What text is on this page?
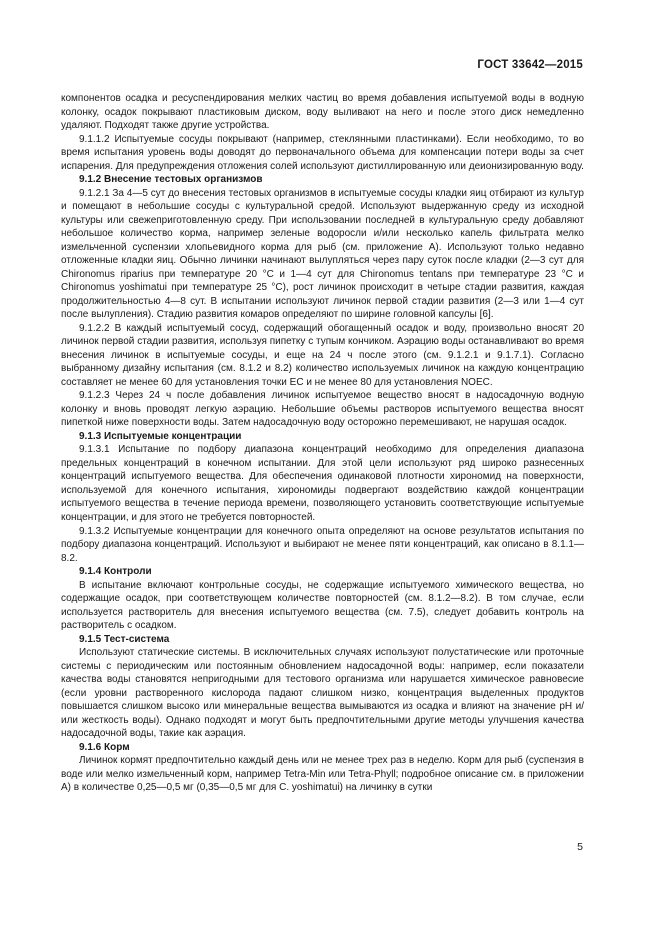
ГОСТ 33642—2015

компонентов осадка и ресуспендирования мелких частиц во время добавления испытуемой воды в водную колонку, осадок покрывают пластиковым диском, воду выливают на него и после этого диск немедленно удаляют. Подходят также другие устройства.

9.1.1.2 Испытуемые сосуды покрывают (например, стеклянными пластинками). Если необходимо, то во время испытания уровень воды доводят до первоначального объема для компенсации потери воды за счет испарения. Для предупреждения отложения солей используют дистиллированную или деионизированную воду.

9.1.2 Внесение тестовых организмов

9.1.2.1 За 4—5 сут до внесения тестовых организмов в испытуемые сосуды кладки яиц отбирают из культур и помещают в небольшие сосуды с культуральной средой. Используют выдержанную среду из исходной культуры или свежеприготовленную среду. При использовании последней в культуральную среду добавляют небольшое количество корма, например зеленые водоросли и/или несколько капель фильтрата мелко измельченной суспензии хлопьевидного корма для рыб (см. приложение А). Используют только недавно отложенные кладки яиц. Обычно личинки начинают вылупляться через пару суток после кладки (2—3 сут для Chironomus riparius при температуре 20 °C и 1—4 сут для Chironomus tentans при температуре 23 °C и Chironomus yoshimatui при температуре 25 °C), рост личинок происходит в четыре стадии развития, каждая продолжительностью 4—8 сут. В испытании используют личинок первой стадии развития (2—3 или 1—4 сут после вылупления). Стадию развития комаров определяют по ширине головной капсулы [6].

9.1.2.2 В каждый испытуемый сосуд, содержащий обогащенный осадок и воду, произвольно вносят 20 личинок первой стадии развития, используя пипетку с тупым кончиком. Аэрацию воды останавливают во время внесения личинок в испытуемые сосуды, и еще на 24 ч после этого (см. 9.1.2.1 и 9.1.7.1). Согласно выбранному дизайну испытания (см. 8.1.2 и 8.2) количество используемых личинок на каждую концентрацию составляет не менее 60 для установления точки EC и не менее 80 для установления NOEC.

9.1.2.3 Через 24 ч после добавления личинок испытуемое вещество вносят в надосадочную водную колонку и вновь проводят легкую аэрацию. Небольшие объемы растворов испытуемого вещества вносят пипеткой ниже поверхности воды. Затем надосадочную воду осторожно перемешивают, не нарушая осадок.

9.1.3 Испытуемые концентрации

9.1.3.1 Испытание по подбору диапазона концентраций необходимо для определения диапазона предельных концентраций в конечном испытании. Для этой цели используют ряд широко разнесенных концентраций испытуемого вещества. Для обеспечения одинаковой плотности хирономид на поверхности, используемой для конечного испытания, хирономиды подвергают воздействию каждой концентрации испытуемого вещества в течение периода времени, позволяющего установить соответствующие испытуемые концентрации, и для этого не требуется повторностей.

9.1.3.2 Испытуемые концентрации для конечного опыта определяют на основе результатов испытания по подбору диапазона концентраций. Используют и выбирают не менее пяти концентраций, как описано в 8.1.1—8.2.

9.1.4 Контроли

В испытание включают контрольные сосуды, не содержащие испытуемого химического вещества, но содержащие осадок, при соответствующем количестве повторностей (см. 8.1.2—8.2). В том случае, если используется растворитель для внесения испытуемого вещества (см. 7.5), следует добавить контроль на растворитель с осадком.

9.1.5 Тест-система

Используют статические системы. В исключительных случаях используют полустатические или проточные системы с периодическим или постоянным обновлением надосадочной воды: например, если показатели качества воды становятся непригодными для тестового организма или нарушается химическое равновесие (если уровни растворенного кислорода падают слишком низко, концентрация выделенных продуктов повышается слишком высоко или минеральные вещества вымываются из осадка и влияют на значение pH и/или жесткость воды). Однако подходят и могут быть предпочтительными другие методы улучшения качества надосадочной воды, такие как аэрация.

9.1.6 Корм

Личинок кормят предпочтительно каждый день или не менее трех раз в неделю. Корм для рыб (суспензия в воде или мелко измельченный корм, например Tetra-Min или Tetra-Phyll; подробное описание см. в приложении А) в количестве 0,25—0,5 мг (0,35—0,5 мг для C. yoshimatui) на личинку в сутки

5
